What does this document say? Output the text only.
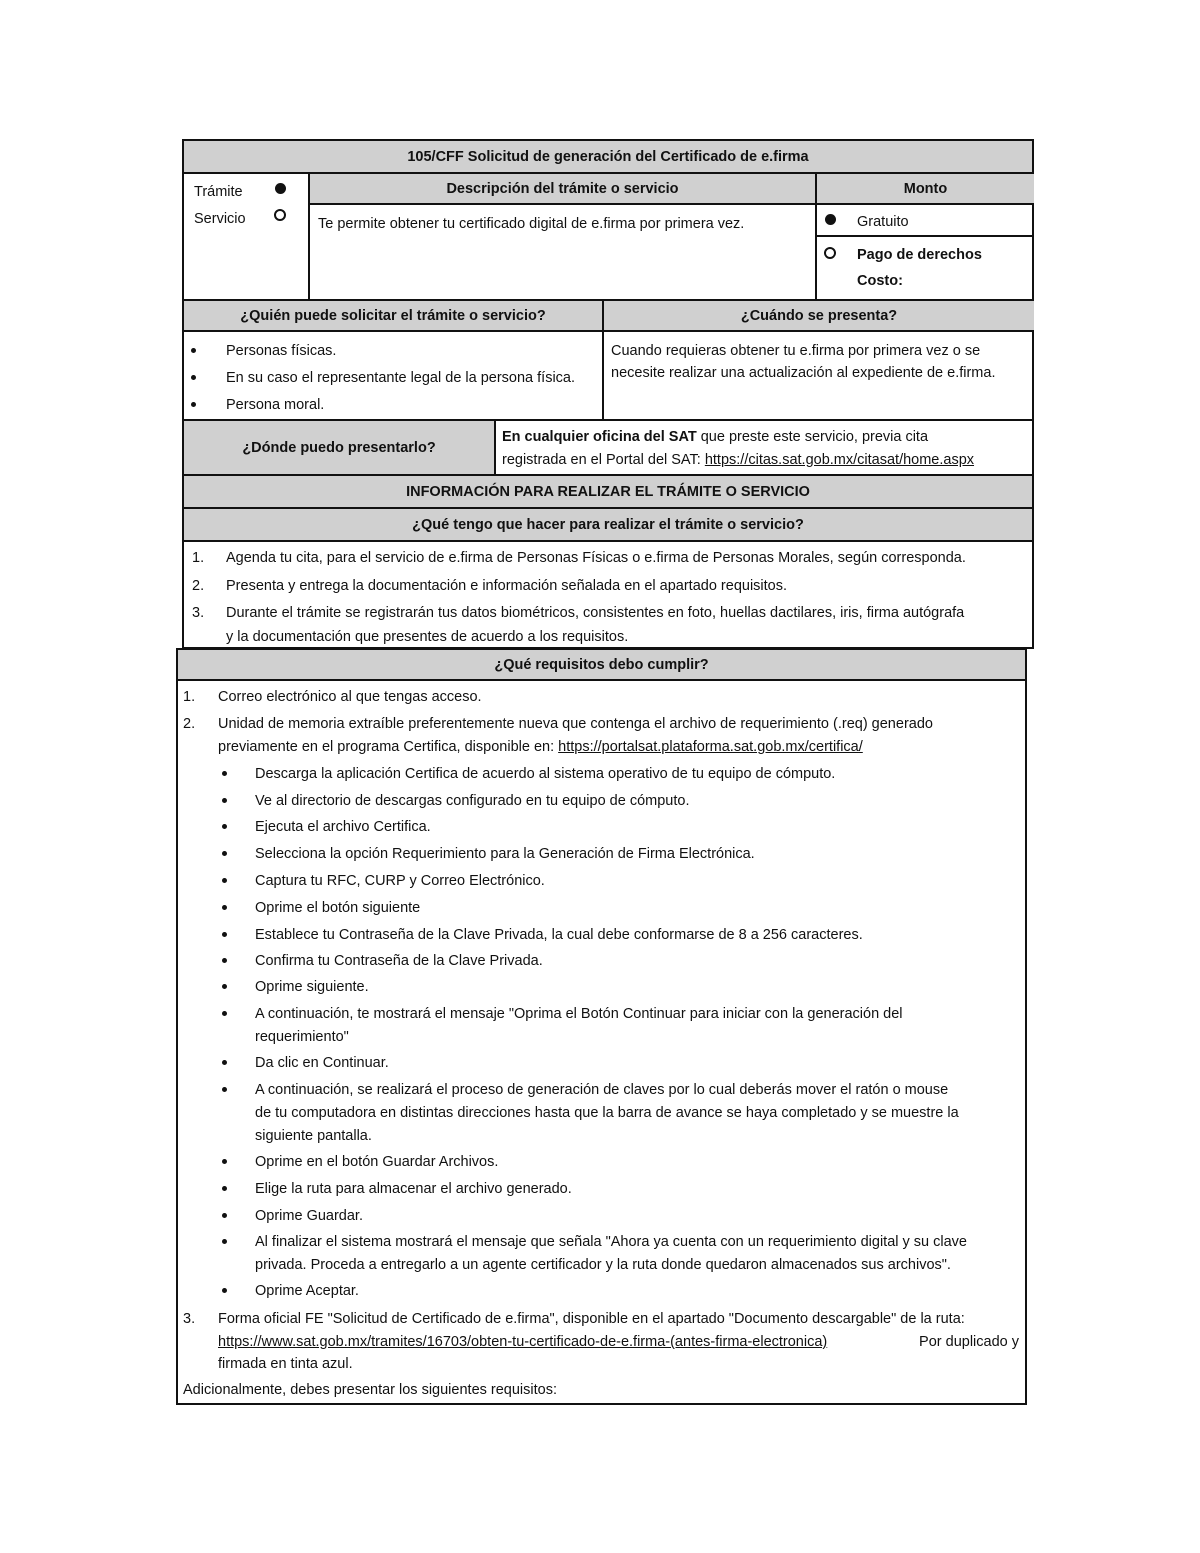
105/CFF Solicitud de generación del Certificado de e.firma
Trámite
Servicio
Descripción del trámite o servicio
Te permite obtener tu certificado digital de e.firma por primera vez.
Monto
Gratuito
Pago de derechos
Costo:
¿Quién puede solicitar el trámite o servicio?
Personas físicas.
En su caso el representante legal de la persona física.
Persona moral.
¿Cuándo se presenta?
Cuando requieras obtener tu e.firma por primera vez o se
necesite realizar una actualización al expediente de e.firma.
¿Dónde puedo presentarlo?
En cualquier oficina del SAT que preste este servicio, previa cita
registrada en el Portal del SAT: https://citas.sat.gob.mx/citasat/home.aspx
INFORMACIÓN PARA REALIZAR EL TRÁMITE O SERVICIO
¿Qué tengo que hacer para realizar el trámite o servicio?
1. Agenda tu cita, para el servicio de e.firma de Personas Físicas o e.firma de Personas Morales, según corresponda.
2. Presenta y entrega la documentación e información señalada en el apartado requisitos.
3. Durante el trámite se registrarán tus datos biométricos, consistentes en foto, huellas dactilares, iris, firma autógrafa
y la documentación que presentes de acuerdo a los requisitos.
¿Qué requisitos debo cumplir?
1. Correo electrónico al que tengas acceso.
2. Unidad de memoria extraíble preferentemente nueva que contenga el archivo de requerimiento (.req) generado
previamente en el programa Certifica, disponible en: https://portalsat.plataforma.sat.gob.mx/certifica/
Descarga la aplicación Certifica de acuerdo al sistema operativo de tu equipo de cómputo.
Ve al directorio de descargas configurado en tu equipo de cómputo.
Ejecuta el archivo Certifica.
Selecciona la opción Requerimiento para la Generación de Firma Electrónica.
Captura tu RFC, CURP y Correo Electrónico.
Oprime el botón siguiente
Establece tu Contraseña de la Clave Privada, la cual debe conformarse de 8 a 256 caracteres.
Confirma tu Contraseña de la Clave Privada.
Oprime siguiente.
A continuación, te mostrará el mensaje "Oprima el Botón Continuar para iniciar con la generación del
requerimiento"
Da clic en Continuar.
A continuación, se realizará el proceso de generación de claves por lo cual deberás mover el ratón o mouse
de tu computadora en distintas direcciones hasta que la barra de avance se haya completado y se muestre la
siguiente pantalla.
Oprime en el botón Guardar Archivos.
Elige la ruta para almacenar el archivo generado.
Oprime Guardar.
Al finalizar el sistema mostrará el mensaje que señala "Ahora ya cuenta con un requerimiento digital y su clave
privada. Proceda a entregarlo a un agente certificador y la ruta donde quedaron almacenados sus archivos".
Oprime Aceptar.
3. Forma oficial FE "Solicitud de Certificado de e.firma", disponible en el apartado "Documento descargable" de la ruta:
https://www.sat.gob.mx/tramites/16703/obten-tu-certificado-de-e.firma-(antes-firma-electronica)	Por duplicado y
firmada en tinta azul.
Adicionalmente, debes presentar los siguientes requisitos:
